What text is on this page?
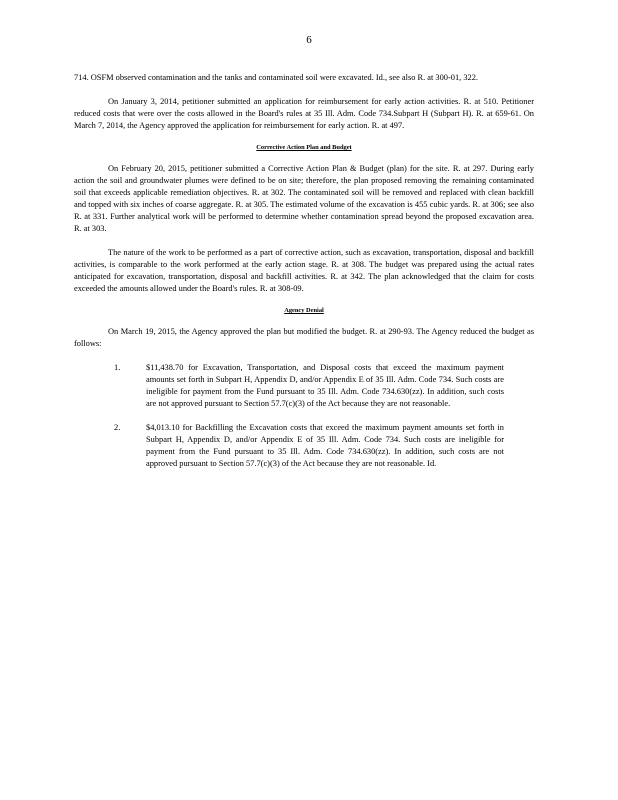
6

714. OSFM observed contamination and the tanks and contaminated soil were excavated. Id., see also R. at 300-01, 322.

On January 3, 2014, petitioner submitted an application for reimbursement for early action activities. R. at 510. Petitioner reduced costs that were over the costs allowed in the Board's rules at 35 Ill. Adm. Code 734.Subpart H (Subpart H). R. at 659-61. On March 7, 2014, the Agency approved the application for reimbursement for early action. R. at 497.

Corrective Action Plan and Budget

On February 20, 2015, petitioner submitted a Corrective Action Plan & Budget (plan) for the site. R. at 297. During early action the soil and groundwater plumes were defined to be on site; therefore, the plan proposed removing the remaining contaminated soil that exceeds applicable remediation objectives. R. at 302. The contaminated soil will be removed and replaced with clean backfill and topped with six inches of coarse aggregate. R. at 305. The estimated volume of the excavation is 455 cubic yards. R. at 306; see also R. at 331. Further analytical work will be performed to determine whether contamination spread beyond the proposed excavation area. R. at 303.

The nature of the work to be performed as a part of corrective action, such as excavation, transportation, disposal and backfill activities, is comparable to the work performed at the early action stage. R. at 308. The budget was prepared using the actual rates anticipated for excavation, transportation, disposal and backfill activities. R. at 342. The plan acknowledged that the claim for costs exceeded the amounts allowed under the Board's rules. R. at 308-09.

Agency Denial

On March 19, 2015, the Agency approved the plan but modified the budget. R. at 290-93. The Agency reduced the budget as follows:

1.	$11,438.70 for Excavation, Transportation, and Disposal costs that exceed the maximum payment amounts set forth in Subpart H, Appendix D, and/or Appendix E of 35 Ill. Adm. Code 734. Such costs are ineligible for payment from the Fund pursuant to 35 Ill. Adm. Code 734.630(zz). In addition, such costs are not approved pursuant to Section 57.7(c)(3) of the Act because they are not reasonable.
2.	$4,013.10 for Backfilling the Excavation costs that exceed the maximum payment amounts set forth in Subpart H, Appendix D, and/or Appendix E of 35 Ill. Adm. Code 734. Such costs are ineligible for payment from the Fund pursuant to 35 Ill. Adm. Code 734.630(zz). In addition, such costs are not approved pursuant to Section 57.7(c)(3) of the Act because they are not reasonable. Id.
